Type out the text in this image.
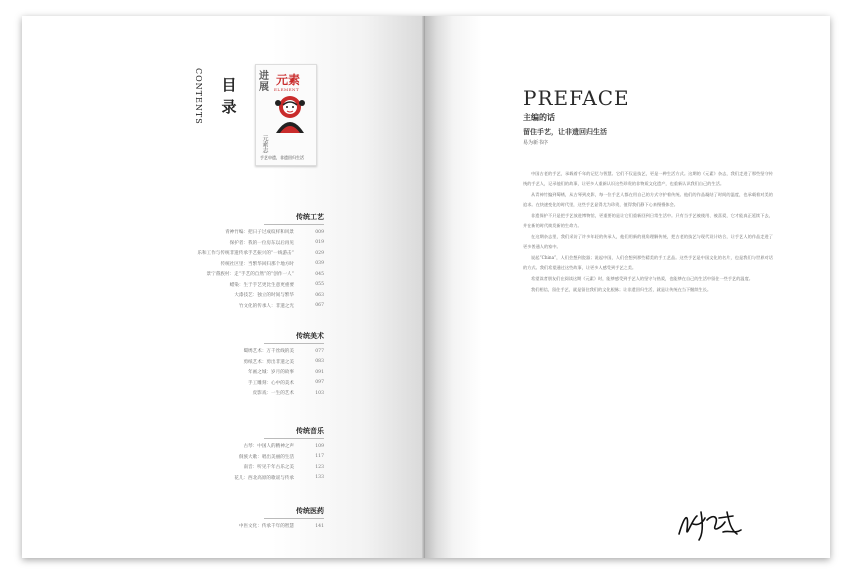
目
录
CONTENTS	进展
元素
ELEMENT
元素志
手艺申遗，非遗回归生活
传统工艺
青神竹编：把日子过成纹样和风景	009
保护者：我的一位房东以后再见	019
乐和工作与传统非遗传承手艺振兴的“一线游击”	029
传统社区里：当繁华回归那个地方时	039
景宁畲族村：走“手艺的自然”的“创作一人”	045
蜡染：生于手艺更比生意更重要	055
大漆技艺：独立的时间与繁华	063
竹文化的传承人：非遗之光	067
传统美术
蜀绣艺术：万千丝线的美	077
剪纸艺术：剪出非遗之美	083
年画之城：岁月的故事	091
手工雕刻：心中的美术	097
皮影戏：一生的艺术	103
传统音乐
古琴：中国人的精神之声	109
侗族大歌：唱出美丽的生活	117
南音：听见千年古乐之美	123
花儿：西北高原的歌谣与传承	133
传统医药
中医文化：传承千年的智慧	141
PREFACE
主编的话
留住手艺，让非遗回归生活
易为新书序

中国古老的手艺，承载着千年的记忆与智慧。它们不仅是技艺，更是一种生活方式。这期的《元素》杂志，我们走进了那些坚守传统的手艺人，记录他们的故事，让更多人重新认识这些珍贵的非物质文化遗产，也重新认识我们自己的生活。

从青神竹编到蜀绣，从古琴到皮影，每一位手艺人都在用自己的方式守护着传统。他们的作品凝结了时间的温度，也承载着对美的追求。在快速变化的时代里，这些手艺显得尤为珍贵，值得我们静下心来慢慢体会。

非遗保护不只是把手艺放进博物馆，更重要的是让它们重新回到日常生活中。只有当手艺被使用、被喜爱，它才能真正延续下去，并在新的时代焕发新的生命力。

在这期杂志里，我们采访了许多年轻的传承人，他们用新的视角理解传统，把古老的技艺与现代设计结合，让手艺人的作品走进了更多普通人的家中。

说起“China”，人们会想到瓷器；说起中国，人们会想到那些精美的手工艺品。这些手艺是中国文化的名片，也是我们与世界对话的方式。我们希望通过这些故事，让更多人感受到手艺之美。

希望读者朋友们在阅读这期《元素》时，能够感受到手艺人的坚守与热爱，也能够在自己的生活中留住一些手艺的温度。

我们相信，留住手艺，就是留住我们的文化根脉；让非遗回归生活，就是让传统在当下继续生长。
